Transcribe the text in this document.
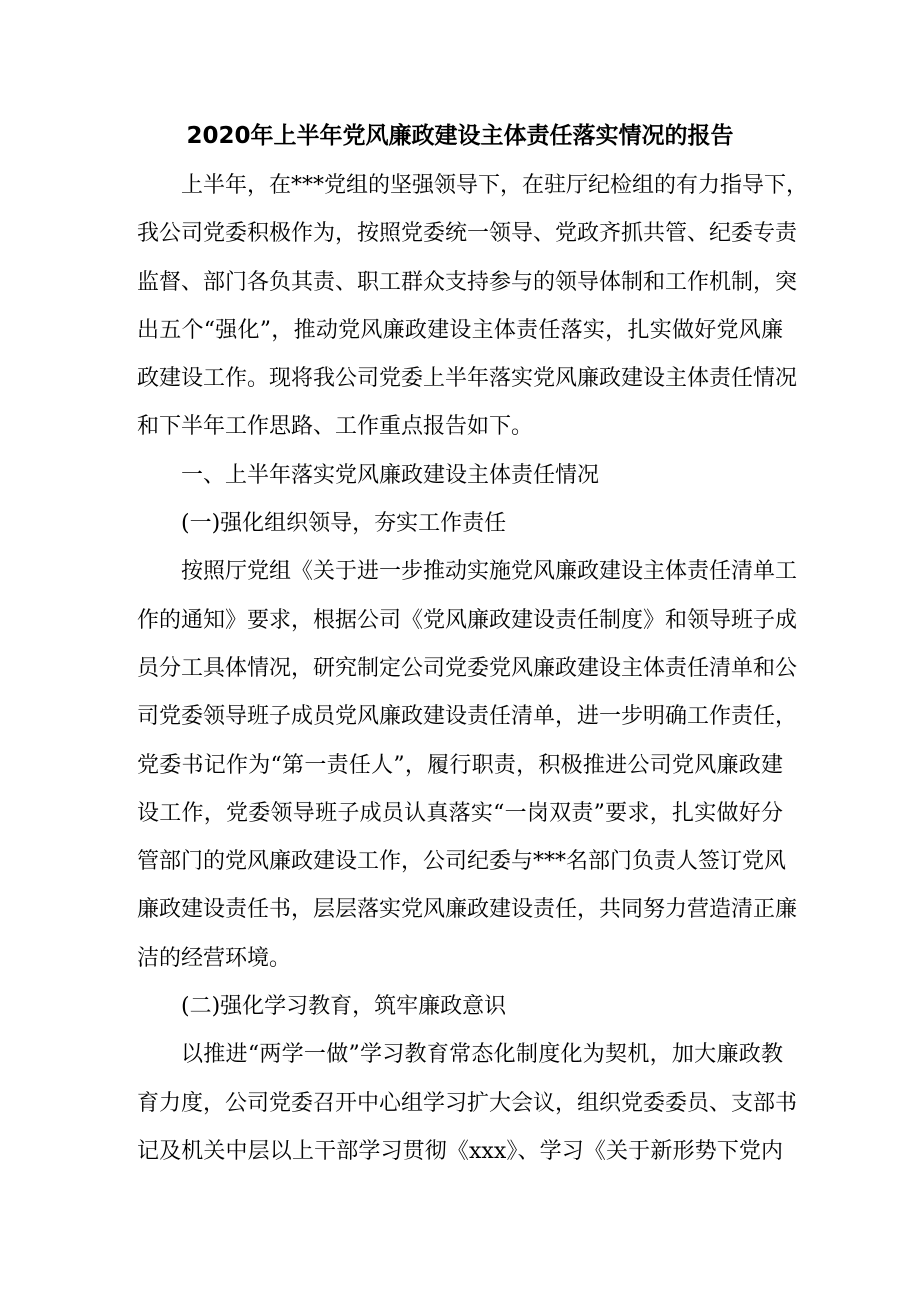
2020年上半年党风廉政建设主体责任落实情况的报告
上半年，在***党组的坚强领导下，在驻厅纪检组的有力指导下，
我公司党委积极作为，按照党委统一领导、党政齐抓共管、纪委专责
监督、部门各负其责、职工群众支持参与的领导体制和工作机制，突
出五个“强化”，推动党风廉政建设主体责任落实，扎实做好党风廉
政建设工作。现将我公司党委上半年落实党风廉政建设主体责任情况
和下半年工作思路、工作重点报告如下。
一、上半年落实党风廉政建设主体责任情况
(一)强化组织领导，夯实工作责任
按照厅党组《关于进一步推动实施党风廉政建设主体责任清单工
作的通知》要求，根据公司《党风廉政建设责任制度》和领导班子成
员分工具体情况，研究制定公司党委党风廉政建设主体责任清单和公
司党委领导班子成员党风廉政建设责任清单，进一步明确工作责任，
党委书记作为“第一责任人”，履行职责，积极推进公司党风廉政建
设工作，党委领导班子成员认真落实“一岗双责”要求，扎实做好分
管部门的党风廉政建设工作，公司纪委与***名部门负责人签订党风
廉政建设责任书，层层落实党风廉政建设责任，共同努力营造清正廉
洁的经营环境。
(二)强化学习教育，筑牢廉政意识
以推进“两学一做”学习教育常态化制度化为契机，加大廉政教
育力度，公司党委召开中心组学习扩大会议，组织党委委员、支部书
记及机关中层以上干部学习贯彻《xxx》、学习《关于新形势下党内
